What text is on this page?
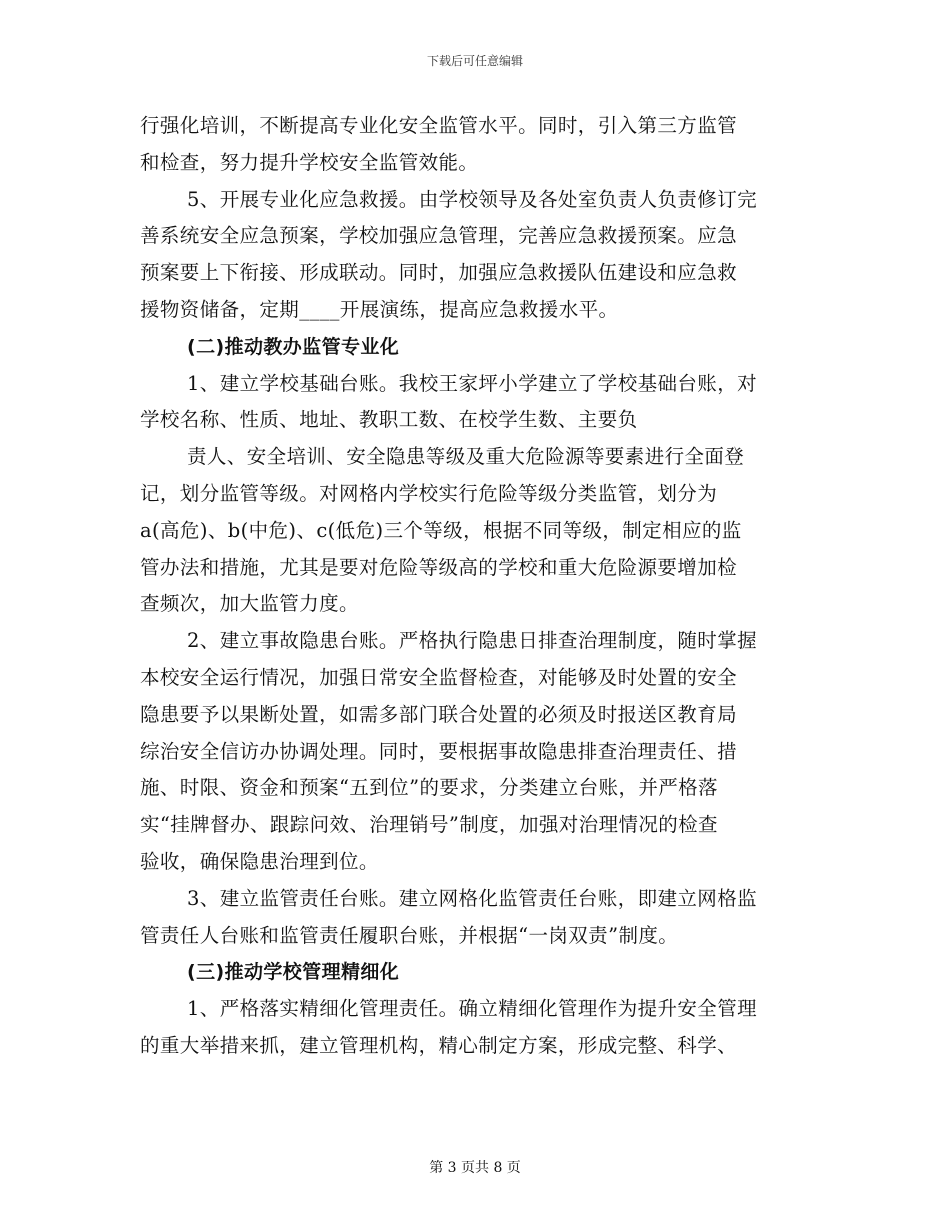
下载后可任意编辑
行强化培训，不断提高专业化安全监管水平。同时，引入第三方监管
和检查，努力提升学校安全监管效能。
5、开展专业化应急救援。由学校领导及各处室负责人负责修订完
善系统安全应急预案，学校加强应急管理，完善应急救援预案。应急
预案要上下衔接、形成联动。同时，加强应急救援队伍建设和应急救
援物资储备，定期____开展演练，提高应急救援水平。
(二)推动教办监管专业化
1、建立学校基础台账。我校王家坪小学建立了学校基础台账，对
学校名称、性质、地址、教职工数、在校学生数、主要负
责人、安全培训、安全隐患等级及重大危险源等要素进行全面登
记，划分监管等级。对网格内学校实行危险等级分类监管，划分为
a(高危)、b(中危)、c(低危)三个等级，根据不同等级，制定相应的监
管办法和措施，尤其是要对危险等级高的学校和重大危险源要增加检
查频次，加大监管力度。
2、建立事故隐患台账。严格执行隐患日排查治理制度，随时掌握
本校安全运行情况，加强日常安全监督检查，对能够及时处置的安全
隐患要予以果断处置，如需多部门联合处置的必须及时报送区教育局
综治安全信访办协调处理。同时，要根据事故隐患排查治理责任、措
施、时限、资金和预案“五到位”的要求，分类建立台账，并严格落
实“挂牌督办、跟踪问效、治理销号”制度，加强对治理情况的检查
验收，确保隐患治理到位。
3、建立监管责任台账。建立网格化监管责任台账，即建立网格监
管责任人台账和监管责任履职台账，并根据“一岗双责”制度。
(三)推动学校管理精细化
1、严格落实精细化管理责任。确立精细化管理作为提升安全管理
的重大举措来抓，建立管理机构，精心制定方案，形成完整、科学、
第 3 页共 8 页
